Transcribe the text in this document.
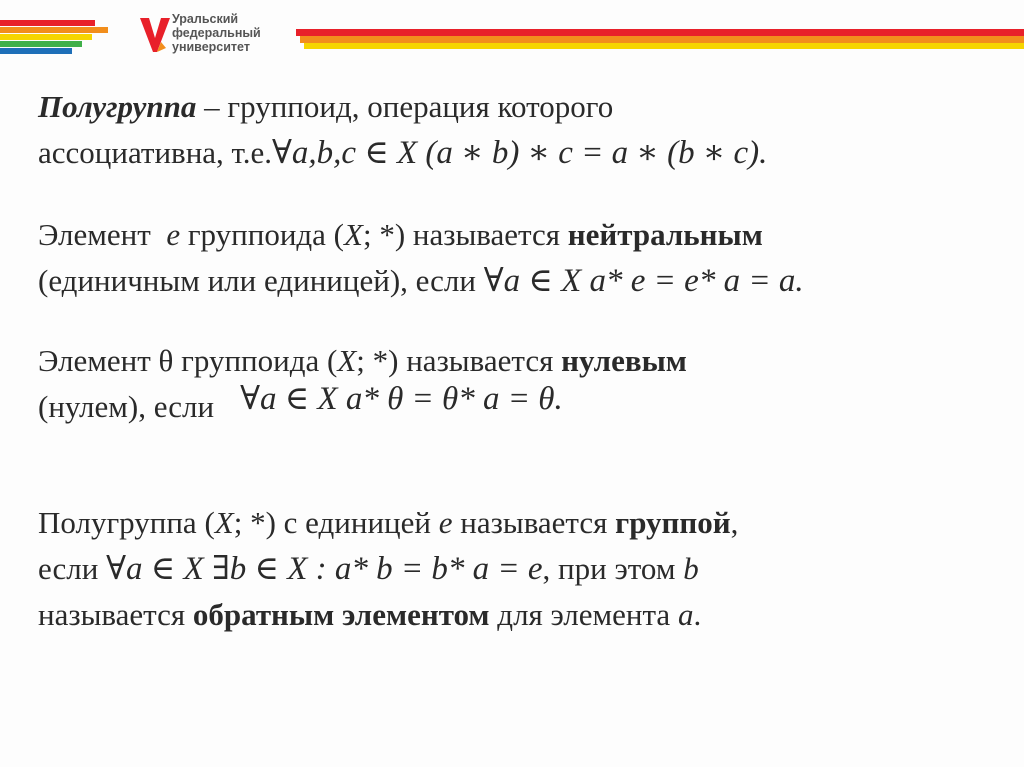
Уральский
федеральный
университет
Полугруппа – группоид, операция которого
ассоциативна, т.е.∀a,b,c ∈ X (a ∗ b) ∗ c = a ∗ (b ∗ c).
Элемент  e группоида (X; *) называется нейтральным
(единичным или единицей), если ∀a ∈ X a* e = e* a = a.
Элемент θ группоида (X; *) называется нулевым
(нулем), если ∀a ∈ X a* θ = θ* a = θ.
Полугруппа (X; *) с единицей e называется группой,
если ∀a ∈ X ∃b ∈ X : a* b = b* a = e, при этом b
называется обратным элементом для элемента a.
